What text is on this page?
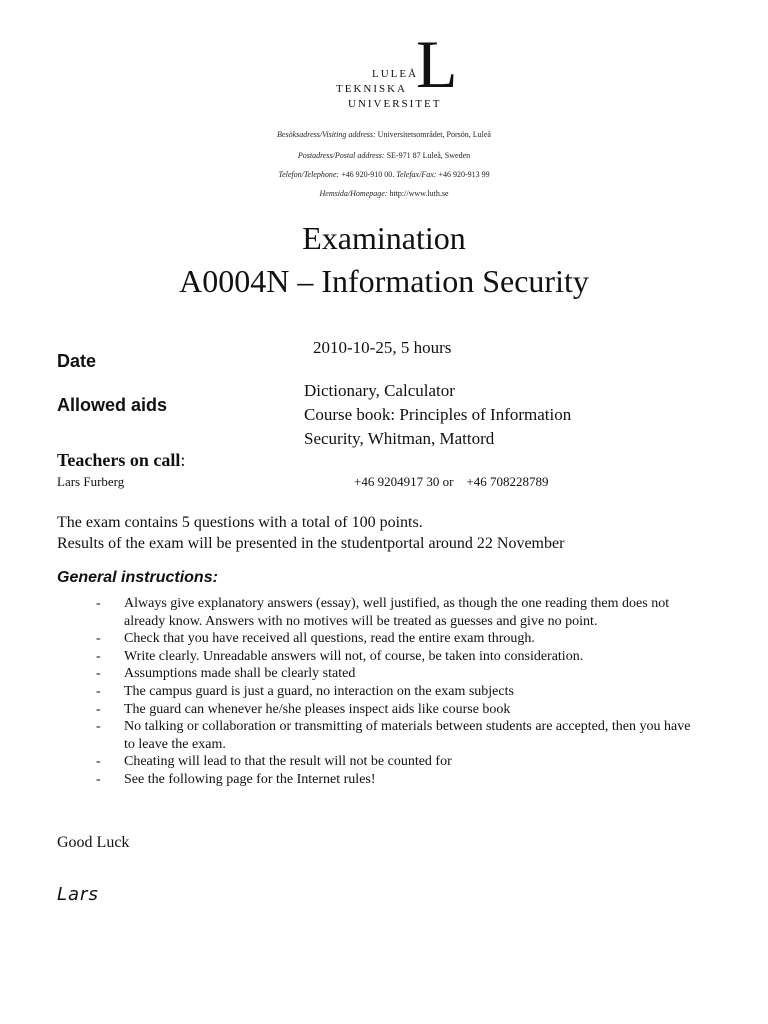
L
LULEÅ
TEKNISKA
UNIVERSITET
Besöksadress/Visiting address: Universitetsområdet, Porsön, Luleå
Postadress/Postal address: SE-971 87 Luleå, Sweden
Telefon/Telephone: +46 920-910 00. Telefax/Fax: +46 920-913 99
Hemsida/Homepage: http://www.luth.se
Examination
A0004N – Information Security
Date
2010-10-25, 5 hours
Allowed aids
Dictionary, Calculator
Course book: Principles of Information
Security, Whitman, Mattord
Teachers on call:
Lars Furberg	+46 9204917 30 or    +46 708228789
The exam contains 5 questions with a total of 100 points.
Results of the exam will be presented in the studentportal around 22 November
General instructions:
- Always give explanatory answers (essay), well justified, as though the one reading them does not already know. Answers with no motives will be treated as guesses and give no point.
- Check that you have received all questions, read the entire exam through.
- Write clearly. Unreadable answers will not, of course, be taken into consideration.
- Assumptions made shall be clearly stated
- The campus guard is just a guard, no interaction on the exam subjects
- The guard can whenever he/she pleases inspect aids like course book
- No talking or collaboration or transmitting of materials between students are accepted, then you have to leave the exam.
- Cheating will lead to that the result will not be counted for
- See the following page for the Internet rules!
Good Luck
Lars
